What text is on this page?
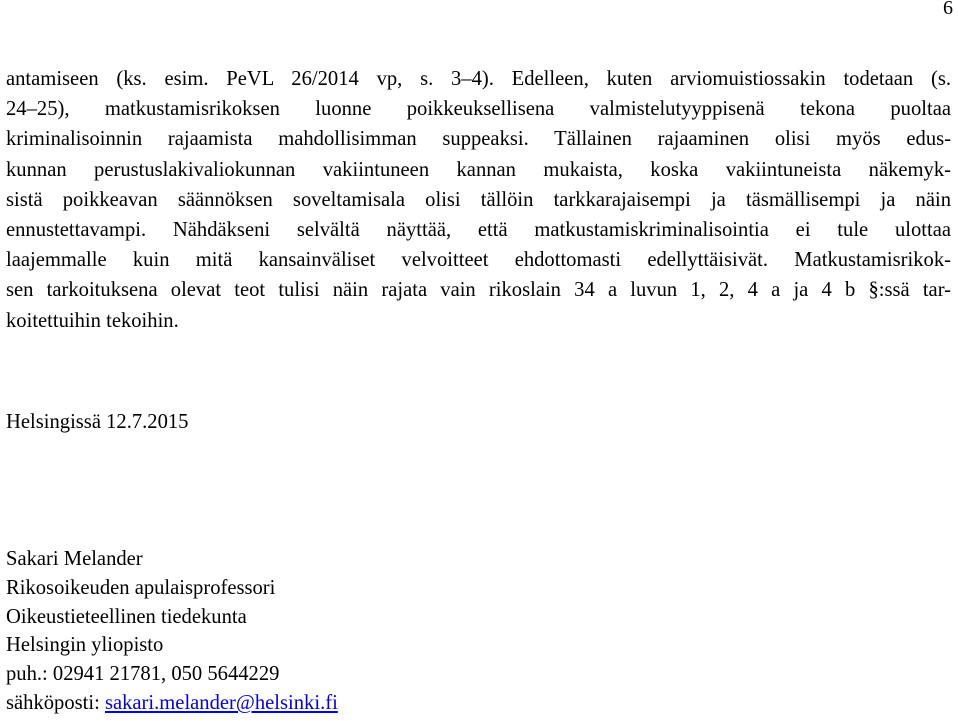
6
antamiseen (ks. esim. PeVL 26/2014 vp, s. 3–4). Edelleen, kuten arviomuistiossakin todetaan (s.
24–25), matkustamisrikoksen luonne poikkeuksellisena valmistelutyyppisenä tekona puoltaa
kriminalisoinnin rajaamista mahdollisimman suppeaksi. Tällainen rajaaminen olisi myös edus-
kunnan perustuslakivaliokunnan vakiintuneen kannan mukaista, koska vakiintuneista näkemyk-
sistä poikkeavan säännöksen soveltamisala olisi tällöin tarkkarajaisempi ja täsmällisempi ja näin
ennustettavampi. Nähdäkseni selvältä näyttää, että matkustamiskriminalisointia ei tule ulottaa
laajemmalle kuin mitä kansainväliset velvoitteet ehdottomasti edellyttäisivät. Matkustamisrikok-
sen tarkoituksena olevat teot tulisi näin rajata vain rikoslain 34 a luvun 1, 2, 4 a ja 4 b §:ssä tar-
koitettuihin tekoihin.
Helsingissä 12.7.2015
Sakari Melander
Rikosoikeuden apulaisprofessori
Oikeustieteellinen tiedekunta
Helsingin yliopisto
puh.: 02941 21781, 050 5644229
sähköposti: sakari.melander@helsinki.fi
